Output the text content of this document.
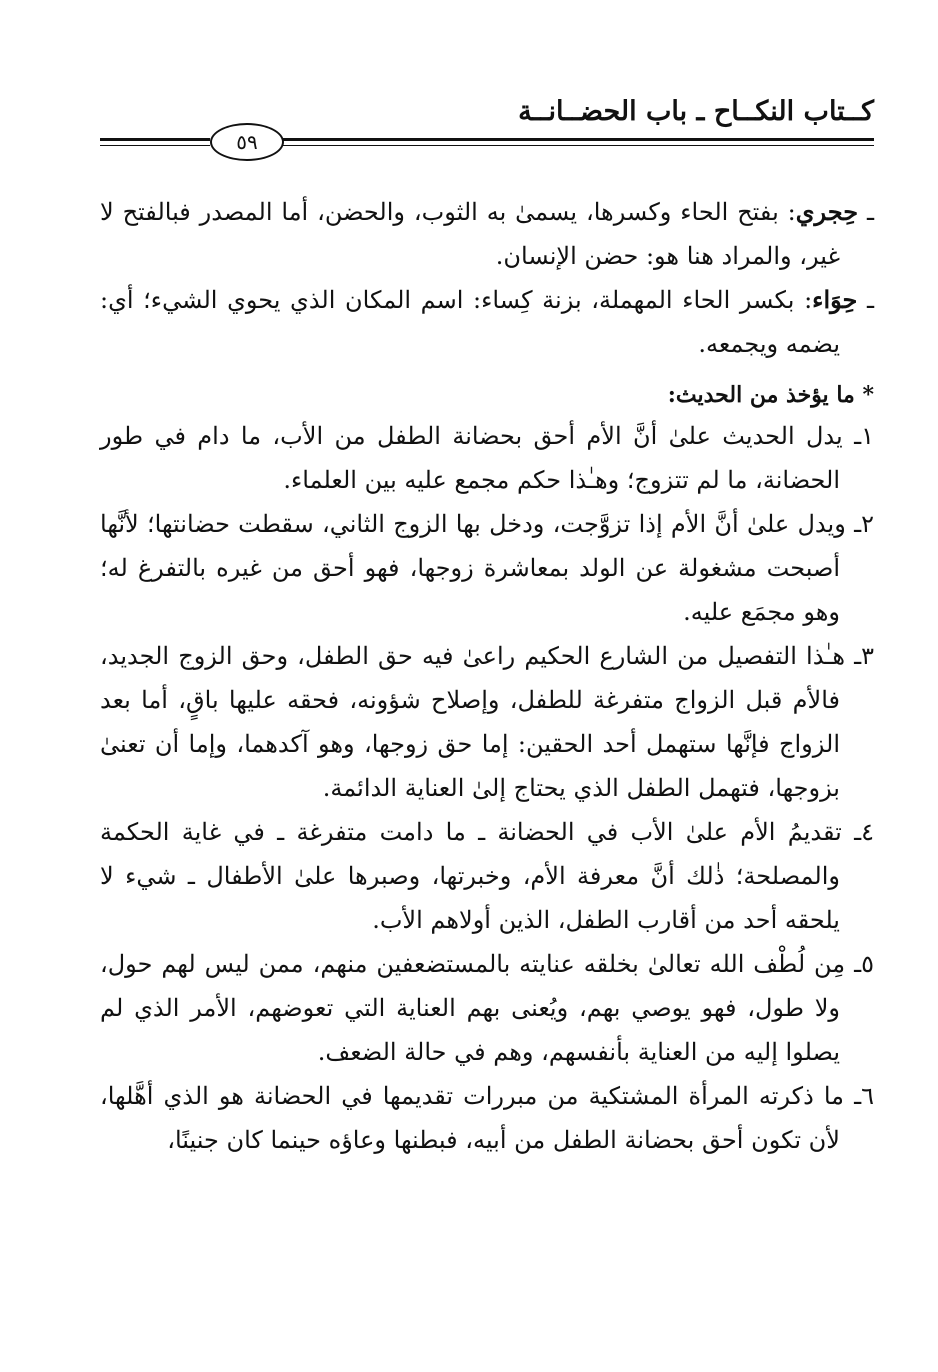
كــتاب النكــاح ـ باب الحضــانــة
٥٩

ـ حِجري: بفتح الحاء وكسرها، يسمىٰ به الثوب، والحضن، أما المصدر فبالفتح لا غير، والمراد هنا هو: حضن الإنسان.

ـ حِوَاء: بكسر الحاء المهملة، بزنة كِساء: اسم المكان الذي يحوي الشيء؛ أي: يضمه ويجمعه.

* ما يؤخذ من الحديث:

١ـ يدل الحديث علىٰ أنَّ الأم أحق بحضانة الطفل من الأب، ما دام في طور الحضانة، ما لم تتزوج؛ وهـٰذا حكم مجمع عليه بين العلماء.

٢ـ ويدل علىٰ أنَّ الأم إذا تزوَّجت، ودخل بها الزوج الثاني، سقطت حضانتها؛ لأنَّها أصبحت مشغولة عن الولد بمعاشرة زوجها، فهو أحق من غيره بالتفرغ له؛ وهو مجمَع عليه.

٣ـ هـٰذا التفصيل من الشارع الحكيم راعىٰ فيه حق الطفل، وحق الزوج الجديد، فالأم قبل الزواج متفرغة للطفل، وإصلاح شؤونه، فحقه عليها باقٍ، أما بعد الزواج فإنَّها ستهمل أحد الحقين: إما حق زوجها، وهو آكدهما، وإما أن تعنىٰ بزوجها، فتهمل الطفل الذي يحتاج إلىٰ العناية الدائمة.

٤ـ تقديمُ الأم علىٰ الأب في الحضانة ـ ما دامت متفرغة ـ في غاية الحكمة والمصلحة؛ ذٰلك أنَّ معرفة الأم، وخبرتها، وصبرها علىٰ الأطفال ـ شيء لا يلحقه أحد من أقارب الطفل، الذين أولاهم الأب.

٥ـ مِن لُطْف الله تعالىٰ بخلقه عنايته بالمستضعفين منهم، ممن ليس لهم حول، ولا طول، فهو يوصي بهم، ويُعنى بهم العناية التي تعوضهم، الأمر الذي لم يصلوا إليه من العناية بأنفسهم، وهم في حالة الضعف.

٦ـ ما ذكرته المرأة المشتكية من مبررات تقديمها في الحضانة هو الذي أهَّلها، لأن تكون أحق بحضانة الطفل من أبيه، فبطنها وعاؤه حينما كان جنينًا،
